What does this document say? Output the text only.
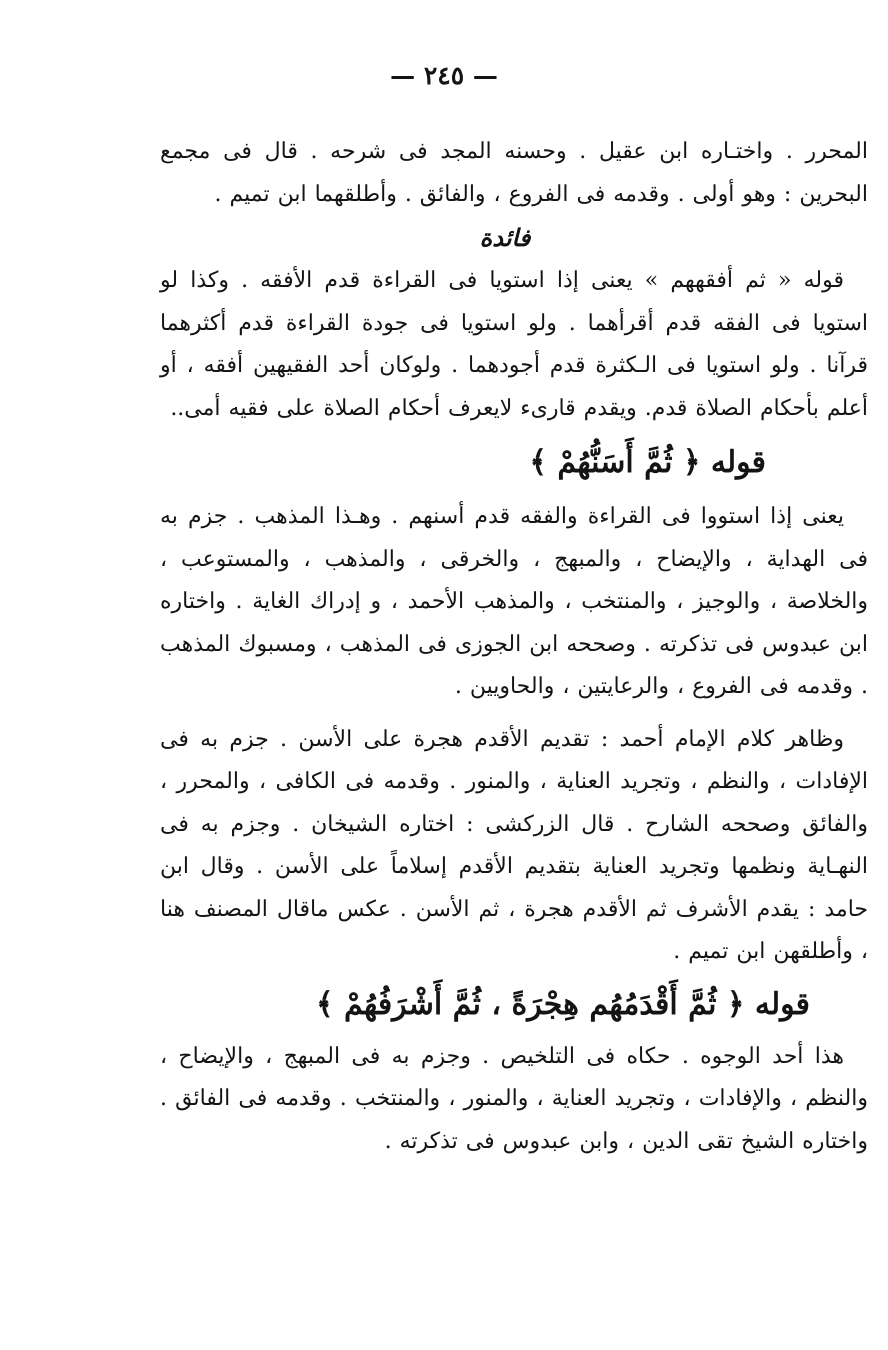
— ٢٤٥ —

المحرر . واختـاره ابن عقيل . وحسنه المجد فى شرحه . قال فى مجمع البحرين : وهو أولى . وقدمه فى الفروع ، والفائق . وأطلقهما ابن تميم .

فائدة

قوله « ثم أفقههم » يعنى إذا استويا فى القراءة قدم الأفقه . وكذا لو استويا فى الفقه قدم أقرأهما . ولو استويا فى جودة القراءة قدم أكثرهما قرآنا . ولو استويا فى الـكثرة قدم أجودهما . ولوكان أحد الفقيهين أفقه ، أو أعلم بأحكام الصلاة قدم. ويقدم قارىء لايعرف أحكام الصلاة على فقيه أمى..

قوله ﴿ ثُمَّ أَسَنُّهُمْ ﴾

يعنى إذا استووا فى القراءة والفقه قدم أسنهم . وهـذا المذهب . جزم به فى الهداية ، والإيضاح ، والمبهج ، والخرقى ، والمذهب ، والمستوعب ، والخلاصة ، والوجيز ، والمنتخب ، والمذهب الأحمد ، و إدراك الغاية . واختاره ابن عبدوس فى تذكرته . وصححه ابن الجوزى فى المذهب ، ومسبوك المذهب . وقدمه فى الفروع ، والرعايتين ، والحاويين .

وظاهر كلام الإمام أحمد : تقديم الأقدم هجرة على الأسن . جزم به فى الإفادات ، والنظم ، وتجريد العناية ، والمنور . وقدمه فى الكافى ، والمحرر ، والفائق وصححه الشارح . قال الزركشى : اختاره الشيخان . وجزم به فى النهـاية ونظمها وتجريد العناية بتقديم الأقدم إسلاماً على الأسن . وقال ابن حامد : يقدم الأشرف ثم الأقدم هجرة ، ثم الأسن . عكس ماقال المصنف هنا ، وأطلقهن ابن تميم .

قوله ﴿ ثُمَّ أَقْدَمُهُم هِجْرَةً ، ثُمَّ أَشْرَفُهُمْ ﴾

هذا أحد الوجوه . حكاه فى التلخيص . وجزم به فى المبهج ، والإيضاح ، والنظم ، والإفادات ، وتجريد العناية ، والمنور ، والمنتخب . وقدمه فى الفائق . واختاره الشيخ تقى الدين ، وابن عبدوس فى تذكرته .
